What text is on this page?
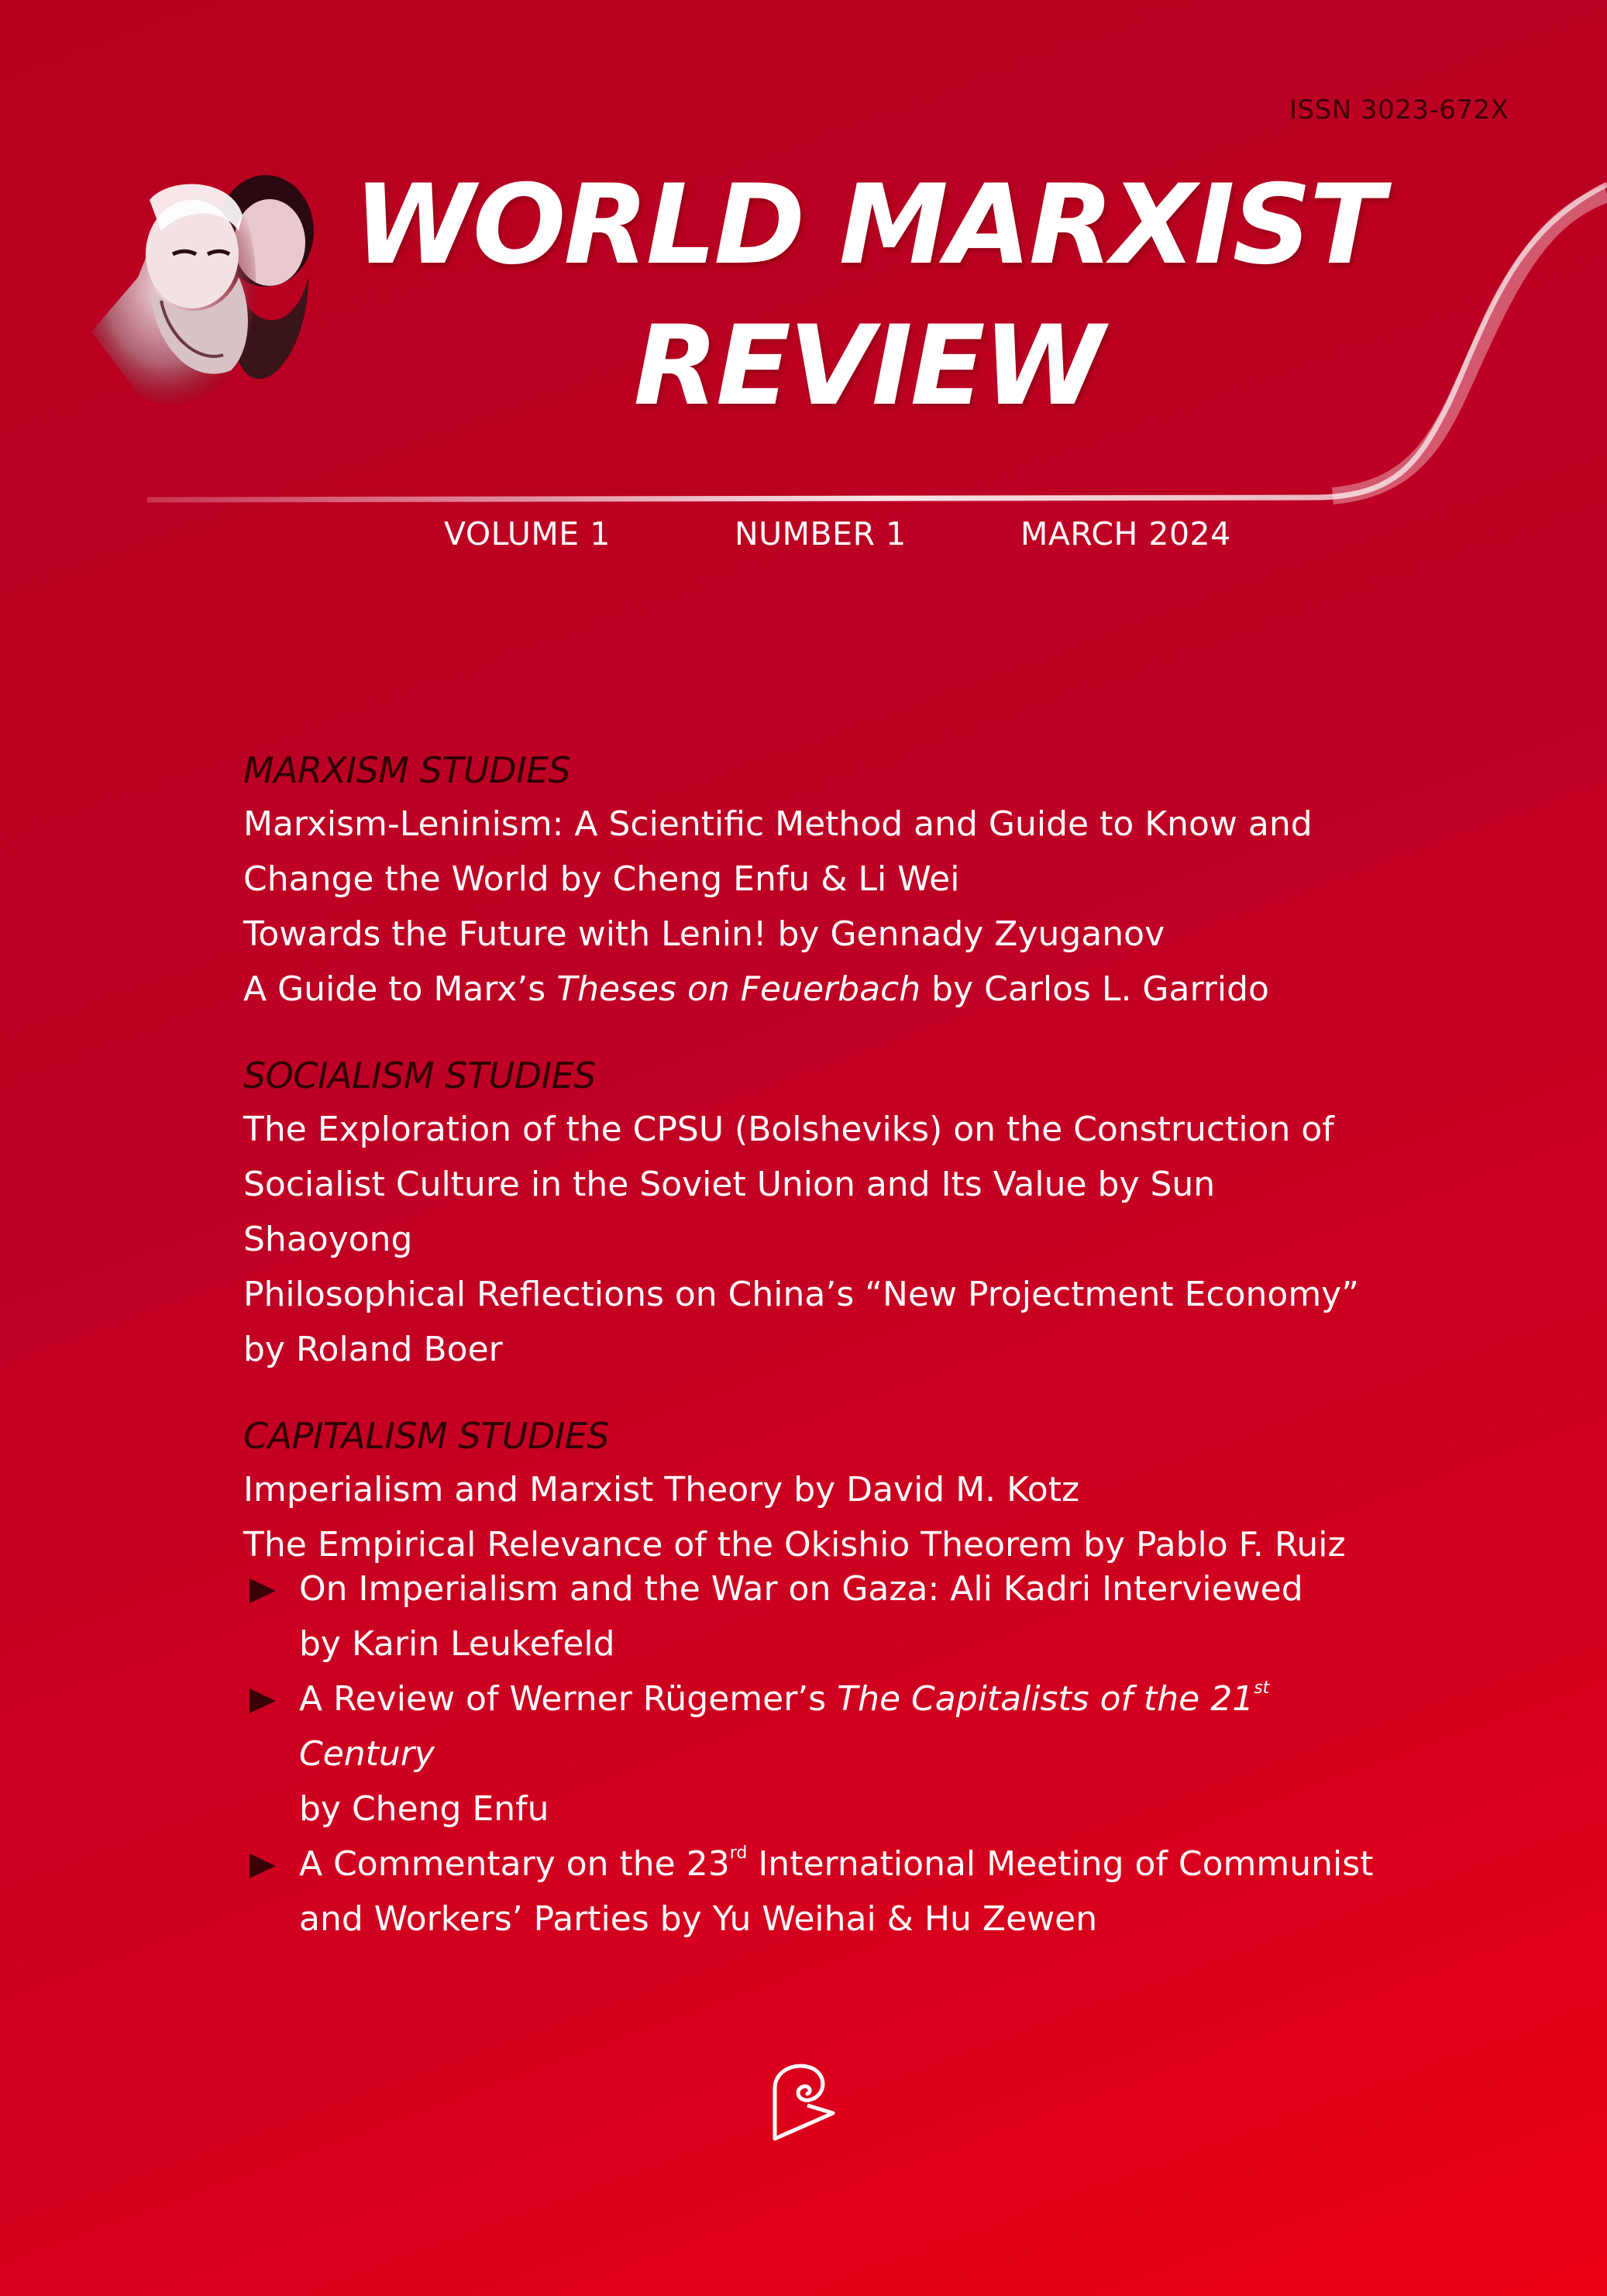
ISSN 3023-672X
WORLD MARXIST
REVIEW
VOLUME 1	NUMBER 1	MARCH 2024
MARXISM STUDIES
Marxism-Leninism: A Scientific Method and Guide to Know and
Change the World by Cheng Enfu & Li Wei
Towards the Future with Lenin! by Gennady Zyuganov
A Guide to Marx’s Theses on Feuerbach by Carlos L. Garrido
SOCIALISM STUDIES
The Exploration of the CPSU (Bolsheviks) on the Construction of
Socialist Culture in the Soviet Union and Its Value by Sun Shaoyong
Philosophical Reflections on China’s “New Projectment Economy”
by Roland Boer
CAPITALISM STUDIES
Imperialism and Marxist Theory by David M. Kotz
The Empirical Relevance of the Okishio Theorem by Pablo F. Ruiz
On Imperialism and the War on Gaza: Ali Kadri Interviewed
by Karin Leukefeld
A Review of Werner Rügemer’s The Capitalists of the 21st Century
by Cheng Enfu
A Commentary on the 23rd International Meeting of Communist
and Workers’ Parties by Yu Weihai & Hu Zewen
